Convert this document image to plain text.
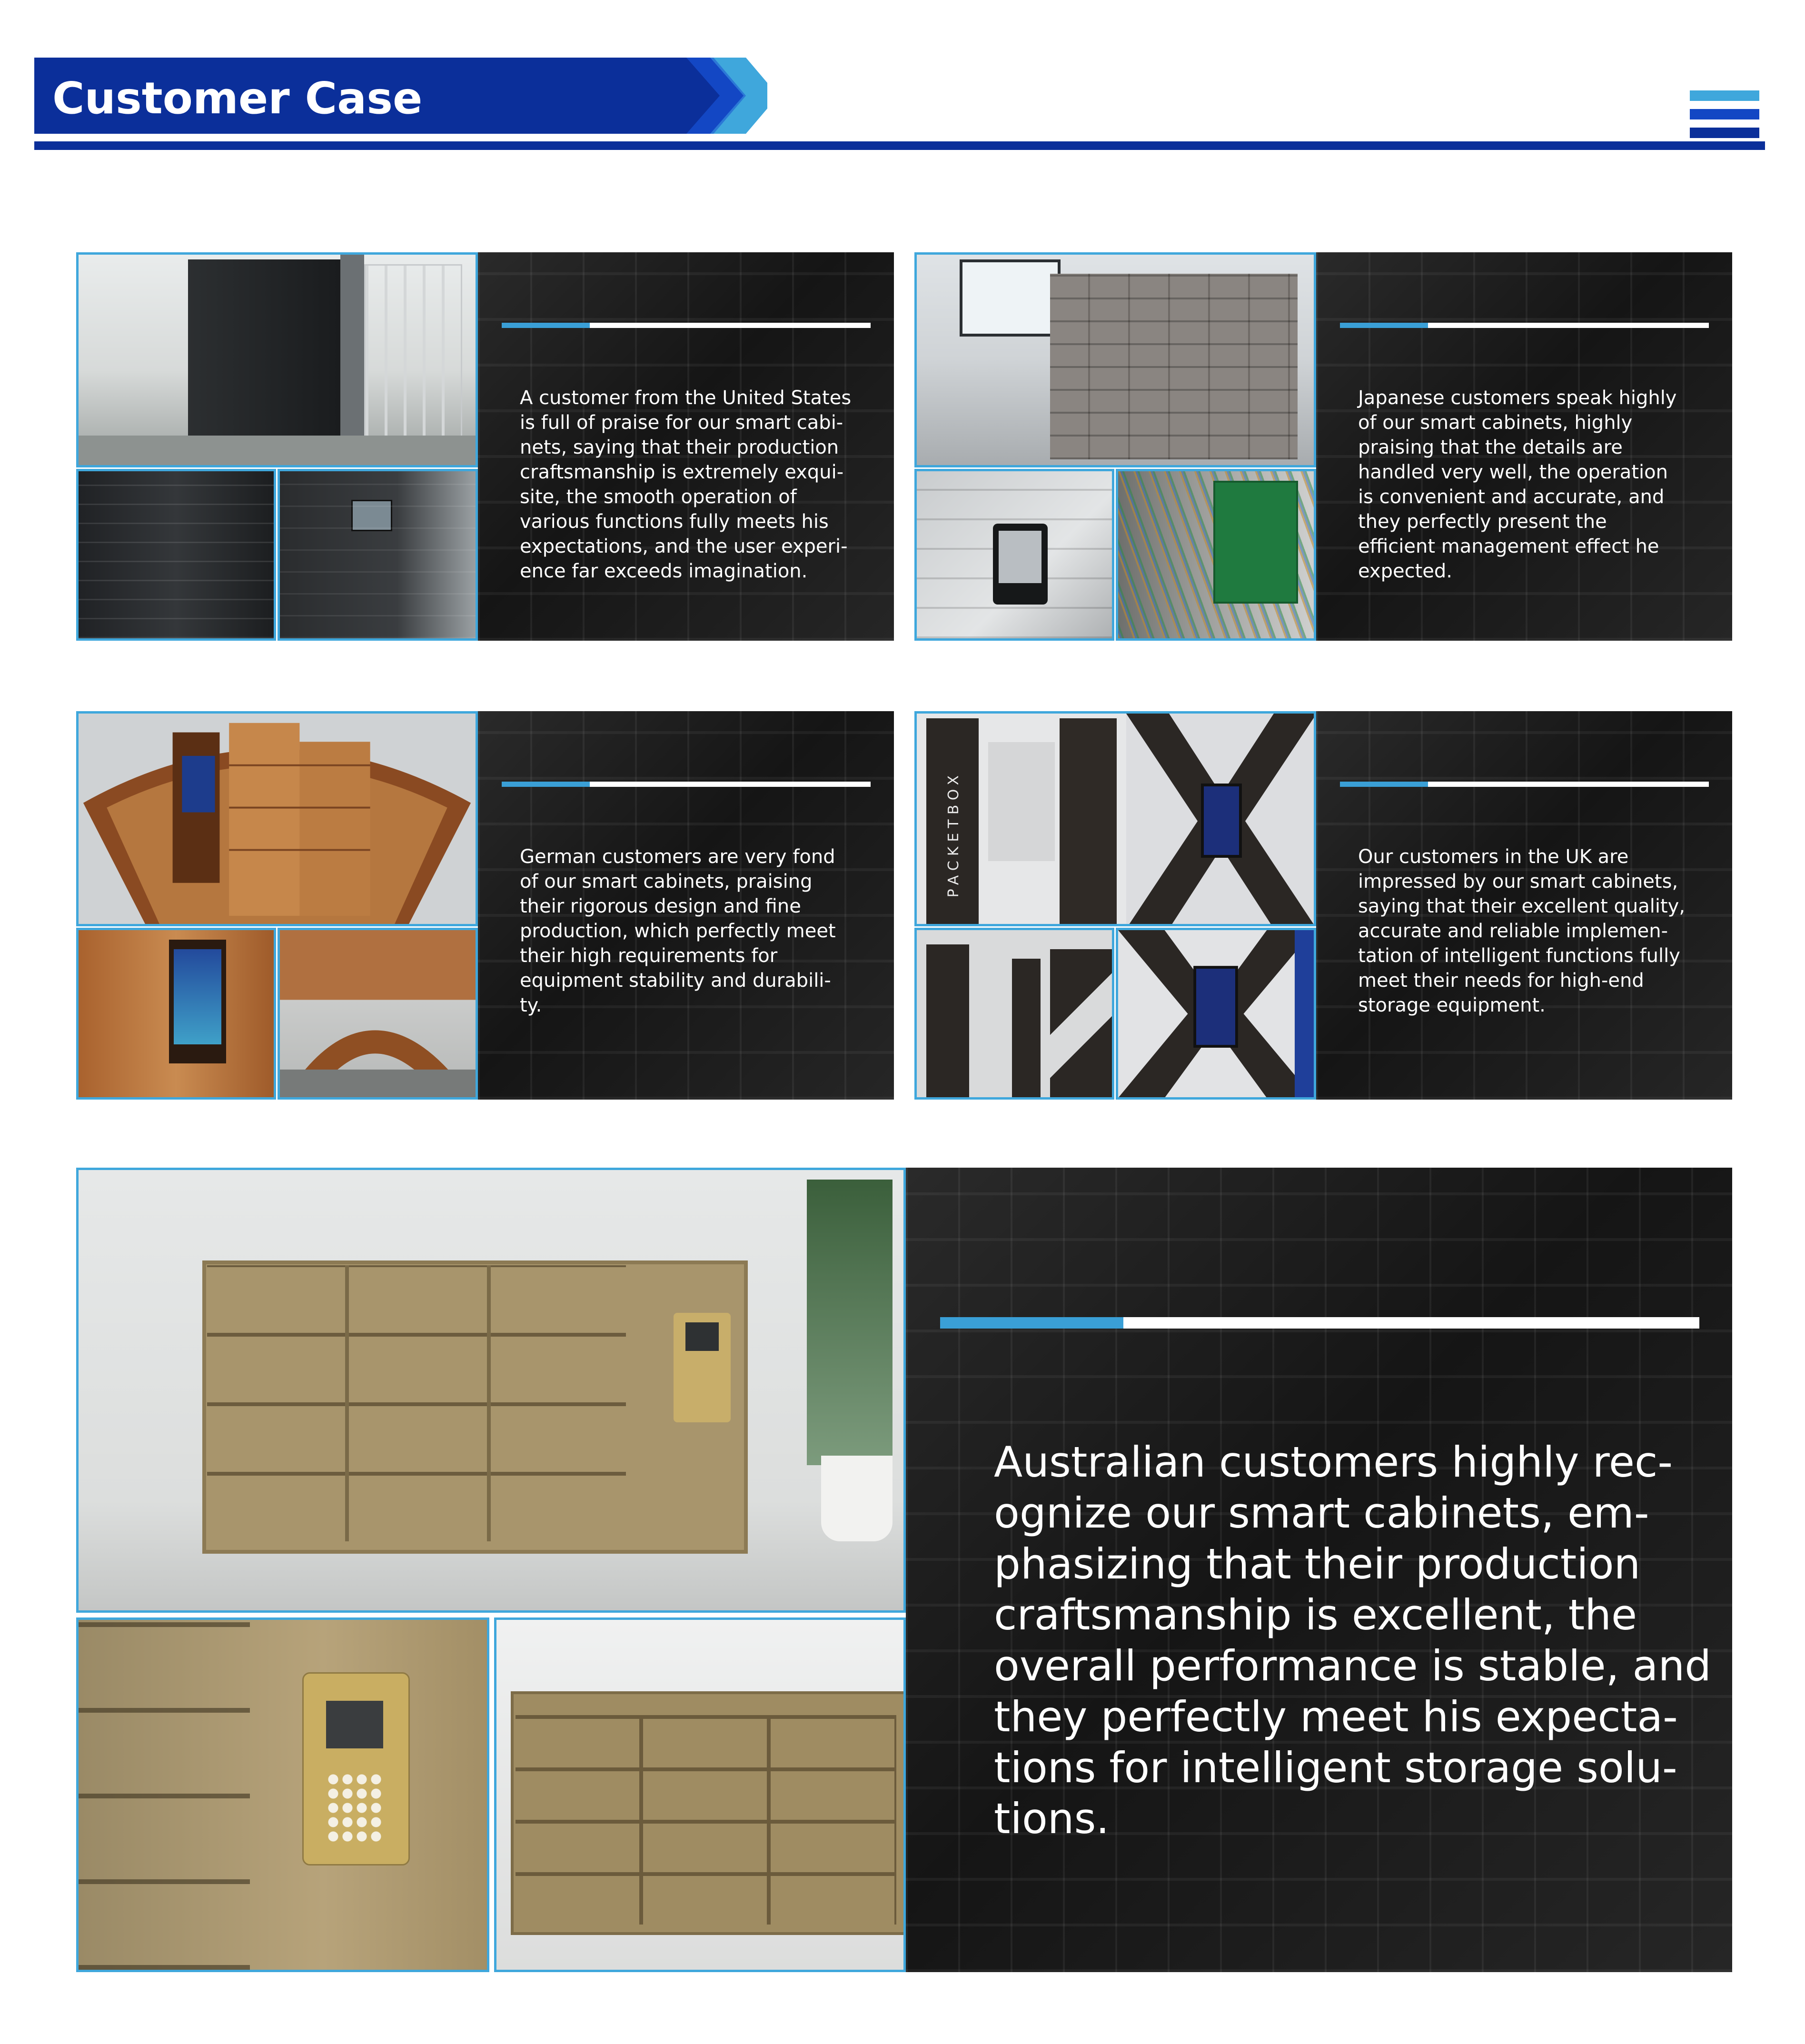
Customer Case

A customer from the United States
is full of praise for our smart cabi-
nets, saying that their production
craftsmanship is extremely exqui-
site, the smooth operation of
various functions fully meets his
expectations, and the user experi-
ence far exceeds imagination.

Japanese customers speak highly
of our smart cabinets, highly
praising that the details are
handled very well, the operation
is convenient and accurate, and
they perfectly present the
efficient management effect he
expected.

German customers are very fond
of our smart cabinets, praising
their rigorous design and fine
production, which perfectly meet
their high requirements for
equipment stability and durabili-
ty.

PACKETBOX	Our customers in the UK are
impressed by our smart cabinets,
saying that their excellent quality,
accurate and reliable implemen-
tation of intelligent functions fully
meet their needs for high-end
storage equipment.

Australian customers highly rec-
ognize our smart cabinets, em-
phasizing that their production
craftsmanship is excellent, the
overall performance is stable, and
they perfectly meet his expecta-
tions for intelligent storage solu-
tions.
